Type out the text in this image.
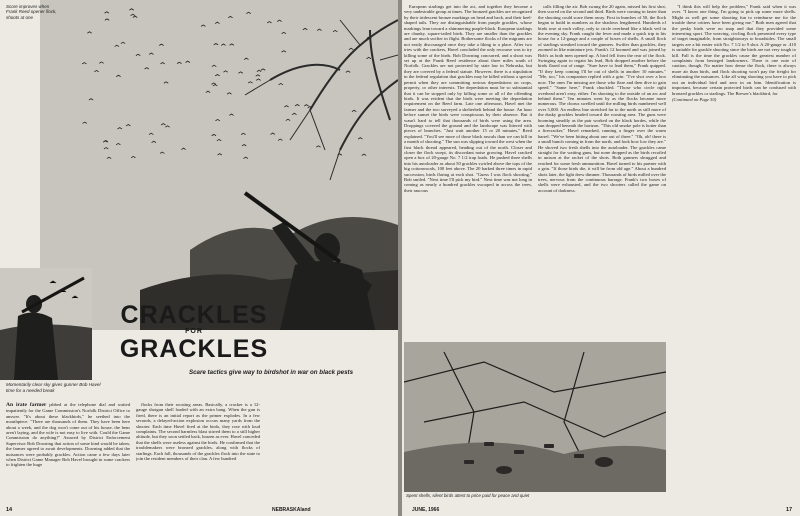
Score improves when Frank Reed opener flock, shoots at one
CRACKLES
FOR
GRACKLES
Momentarily clear sky gives gunner Bob Havel time for a needed break
Scare tactics give way to birdshot in war on black pests

An irate farmer jabbed at the telephone dial and waited impatiently for the Game Commission's Norfolk District Office to answer. "It's about these blackbirds," he seethed into the mouthpiece. "There are thousands of them. They have been here about a week, and the dog won't come out of his house, the hens aren't laying, and the wife is not easy to live with. Could the Game Commission do anything?" Assured by District Enforcement Supervisor Bob Downing that action of some kind would be taken, the farmer agreed to await developments. Downing added that the nuisances were probably grackles. Action came a few days later when District Game Manager Bob Havel brought in some crackers to frighten the huge

flocks from their roosting areas. Basically, a cracker is a 12-gauge shotgun shell loaded with an extra bang. When the gun is fired, there is an initial report as the primer explodes. In a few seconds, a delayed-action explosion occurs many yards from the shooter. Each time Havel fired at the birds, they rose with loud complaints. The second harmless blast stirred them to a still higher altitude, but they soon settled back, brazen as ever. Havel conceded that the shells were useless against the birds. He confirmed that the troublemakers were bronzed grackles, along with flocks of starlings. Each fall, thousands of the grackles flock into the state to join the resident members of their clan. A few hundred

14	NEBRASKAland

European starlings get into the act, and together they become a very undesirable group at times. The bronzed grackles are recognized by their iridescent bronze markings on head and back, and their keel-shaped tails. They are distinguishable from purple grackles, whose markings lean toward a shimmering purple-black. European starlings are chunky, square-tailed birds. They are smaller than the grackles and are much swifter in flight. Bothersome flocks of the migrants are not easily discouraged once they take a liking to a place. After two tries with the crackers, Havel concluded the only recourse was to try killing some of the birds. Bob Downing concurred, and a shoot was set up at the Frank Reed residence about three miles south of Norfolk. Grackles are not protected by state law in Nebraska, but they are covered by a federal statute. However, there is a stipulation in the federal regulation that grackles may be killed without a special permit when they are committing serious depredations on crops, property, or other interests. The depredation must be so substantial that it can be stopped only by killing some or all of the offending birds. It was evident that the birds were meeting the depredation requirement on the Reed farm. Late one afternoon, Havel met the farmer and the two surveyed a shelterbelt behind the house. An hour before sunset the birds were conspicuous by their absence. But it wasn't hard to tell that thousands of birds were using the area. Droppings covered the ground and the landscape was littered with pieces of branches. "Just wait another 15 or 20 minutes," Reed explained. "You'll see more of those black rascals than we can kill in a month of shooting." The sun was slipping toward the west when the first black thread appeared, heading out of the north. Closer and closer the flock swept, its discordant noise growing. Havel cracked open a box of 20-gauge No. 7 1/2 trap loads. He pushed three shells into his autoloader as about 50 grackles swirled above the tops of the big cottonwoods, 100 feet above. The 20 barked three times in rapid succession, birds flaring at each shot. "Guess I was flock shooting," Bob smiled. "Next time I'll pick my bird." Next time was not long in coming as nearly a hundred grackles swooped in across the trees, their raucous

calls filling the air. Bob swung the 20 again, missed his first shot, then scored on the second and third. Birds were coming in faster than the shooting could scare them away. First in bunches of 50, the flock began to build in numbers as the shadows lengthened. Hundreds of birds rose at each volley, only to circle overhead like a black veil in the evening sky. Frank caught the fever and made a quick trip to his house for a 12-gauge and a couple of boxes of shells. A small flock of starlings streaked toward the gunners. Swifter than grackles, they zoomed in like miniature jets. Frank's 12 boomed and was joined by Bob's as both men opened up. A bird fell from the rear of the flock. Swinging again to regain his lead, Bob dropped another before the birds flared out of range. "Sure have to lead them," Frank quipped. "If they keep coming I'll be out of shells in another 10 minutes." "Me, too," his companion replied with a grin. "I've shot over a box now. The ones I'm missing are those who flare and then dive to gain speed." "Same here," Frank chuckled. "Those who circle right overhead aren't easy, either. I'm shooting to the outside of an arc and behind them." Ten minutes went by as the flocks became more numerous. The chorus swelled until the milling birds numbered well over 5,000. An endless line stretched far to the north as still more of the dusky grackles headed toward the roosting area. The guns were booming steadily as the pair worked on the black hordes, while the sun dropped beneath the horizon. "This old smoke pole is hotter than a firecracker," Havel remarked, running a finger over the warm barrel. "We've been hitting about one out of three." "Oh, oh! there is a small bunch coming in from the north, and look how low they are." He shoved two fresh shells into the autoloader. The grackles came straight for the waiting guns, but none dropped as the birds recoiled in unison at the racket of the shots. Both gunners shrugged and reached for some fresh ammunition. Havel turned to his partner with a grin. "If those birds die, it will be from old age." About a hundred shots later, the light drew dimmer. Thousands of birds milled over the trees, nervous from the continuous barrage. Frank's two boxes of shells were exhausted, and the two shooters called the game on account of darkness.

"I think this will help the problem," Frank said when it was over. "I know one thing, I'm going to pick up some more shells. Might as well get some shooting fun to reimburse me for the trouble these critters have been giving me." Both men agreed that the pesky birds were no snap and that they provided some interesting sport. The weaving, circling flock presented every type of target imaginable, from straightaways to broadsides. The small targets are a bit easier with No. 7 1/2 to 9 shot. A 20-gauge or .410 is suitable for grackle shooting since the birds are not very tough to kill. Fall is the time the grackles cause the greatest number of complaints from besieged landowners. There is one note of caution, though. No matter how dense the flock, there is always more air than birds, and flock shooting won't pay the freight for eliminating the nuisances. Like all wing shooting you have to pick out an individual bird and zero in on him. Identification is important, because certain protected birds can be confused with bronzed grackles or starlings. The Brewer's blackbird, for

(Continued on Page 50)

Spent shells, silent birds attest to price paid for peace and quiet
JUNE, 1966	17
